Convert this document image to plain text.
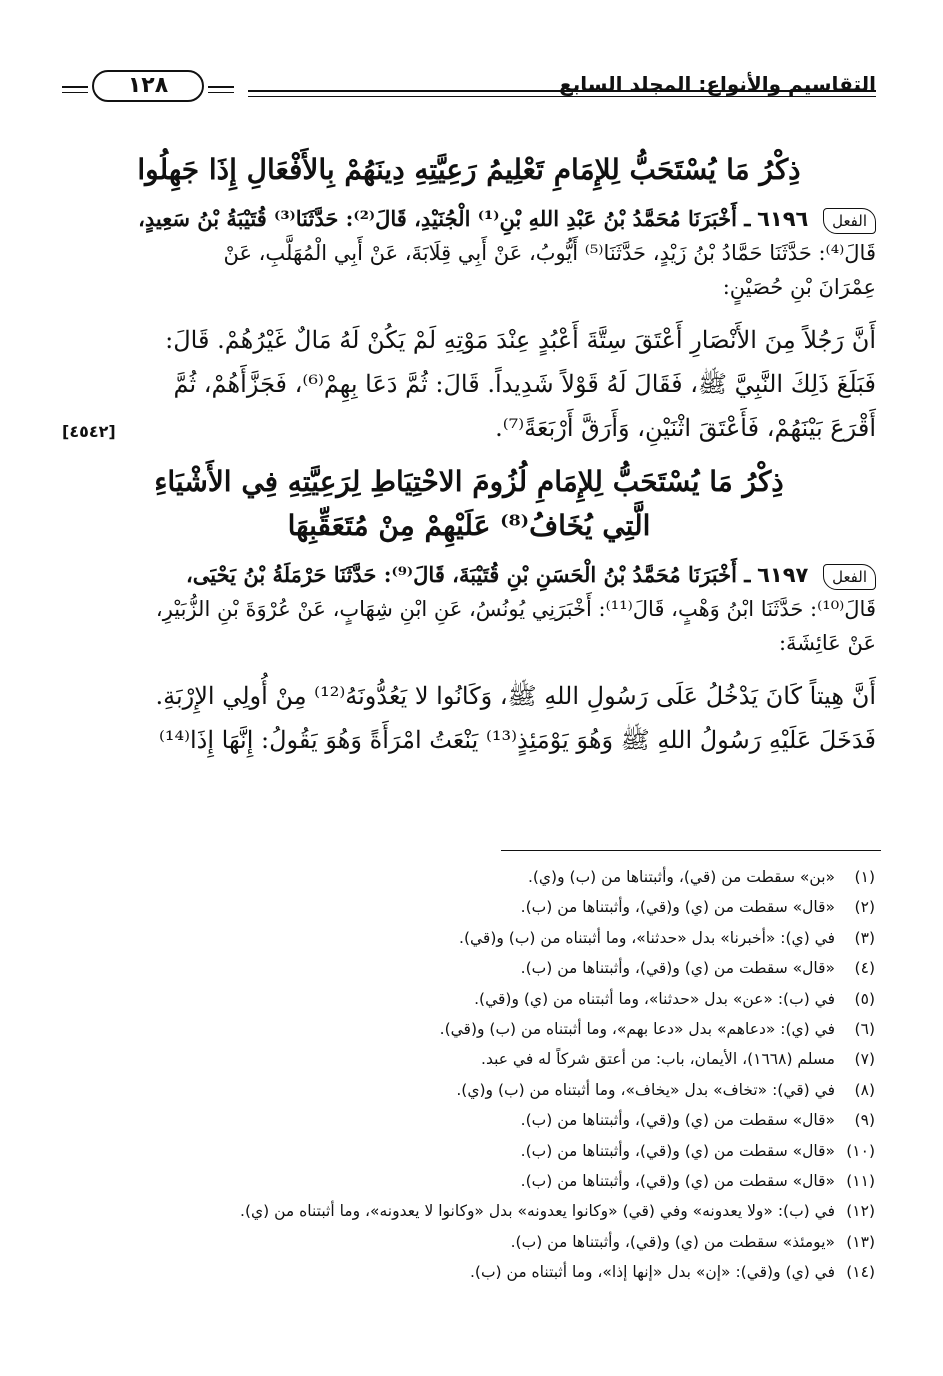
التقاسيم والأنواع: المجلد السابع
١٢٨
ذِكْرُ مَا يُسْتَحَبُّ لِلإِمَامِ تَعْلِيمُ رَعِيَّتِهِ دِينَهُمْ بِالأَفْعَالِ إِذَا جَهِلُوا
الفعل ٦١٩٦ ـ أَخْبَرَنَا مُحَمَّدُ بْنُ عَبْدِ اللهِ بْنِ⁽¹⁾ الْجُنَيْدِ، قَالَ⁽²⁾: حَدَّثَنَا⁽³⁾ قُتَيْبَةُ بْنُ سَعِيدٍ،
قَالَ⁽⁴⁾: حَدَّثَنَا حَمَّادُ بْنُ زَيْدٍ، حَدَّثَنَا⁽⁵⁾ أَيُّوبُ، عَنْ أَبِي قِلَابَةَ، عَنْ أَبِي الْمُهَلَّبِ، عَنْ
عِمْرَانَ بْنِ حُصَيْنٍ:
أَنَّ رَجُلاً مِنَ الأَنْصَارِ أَعْتَقَ سِتَّةَ أَعْبُدٍ عِنْدَ مَوْتِهِ لَمْ يَكُنْ لَهُ مَالٌ غَيْرُهُمْ. قَالَ:
فَبَلَغَ ذَلِكَ النَّبِيَّ ﷺ، فَقَالَ لَهُ قَوْلاً شَدِيداً. قَالَ: ثُمَّ دَعَا بِهِمْ⁽⁶⁾، فَجَزَّأَهُمْ، ثُمَّ
أَقْرَعَ بَيْنَهُمْ، فَأَعْتَقَ اثْنَيْنِ، وَأَرَقَّ أَرْبَعَةً⁽⁷⁾.
[٤٥٤٢]
ذِكْرُ مَا يُسْتَحَبُّ لِلإِمَامِ لُزُومَ الاحْتِيَاطِ لِرَعِيَّتِهِ فِي الأَشْيَاءِ
الَّتِي يُخَافُ⁽⁸⁾ عَلَيْهِمْ مِنْ مُتَعَقِّبِهَا
الفعل ٦١٩٧ ـ أَخْبَرَنَا مُحَمَّدُ بْنُ الْحَسَنِ بْنِ قُتَيْبَةَ، قَالَ⁽⁹⁾: حَدَّثَنَا حَرْمَلَةُ بْنُ يَحْيَى،
قَالَ⁽¹⁰⁾: حَدَّثَنَا ابْنُ وَهْبٍ، قَالَ⁽¹¹⁾: أَخْبَرَنِي يُونُسُ، عَنِ ابْنِ شِهَابٍ، عَنْ عُرْوَةَ بْنِ الزُّبَيْرِ،
عَنْ عَائِشَةَ:
أَنَّ هِيتاً كَانَ يَدْخُلُ عَلَى رَسُولِ اللهِ ﷺ، وَكَانُوا لا يَعُدُّونَهُ⁽¹²⁾ مِنْ أُولِي الإِرْبَةِ.
فَدَخَلَ عَلَيْهِ رَسُولُ اللهِ ﷺ وَهُوَ يَوْمَئِذٍ⁽¹³⁾ يَنْعَتُ امْرَأَةً وَهُوَ يَقُولُ: إِنَّهَا إِذَا⁽¹⁴⁾
(١)«بن» سقطت من (قي)، وأثبتناها من (ب) و(ي).
(٢)«قال» سقطت من (ي) و(قي)، وأثبتناها من (ب).
(٣)في (ي): «أخبرنا» بدل «حدثنا»، وما أثبتناه من (ب) و(قي).
(٤)«قال» سقطت من (ي) و(قي)، وأثبتناها من (ب).
(٥)في (ب): «عن» بدل «حدثنا»، وما أثبتناه من (ي) و(قي).
(٦)في (ي): «دعاهم» بدل «دعا بهم»، وما أثبتناه من (ب) و(قي).
(٧)مسلم (١٦٦٨)، الأيمان، باب: من أعتق شركاً له في عبد.
(٨)في (قي): «تخاف» بدل «يخاف»، وما أثبتناه من (ب) و(ي).
(٩)«قال» سقطت من (ي) و(قي)، وأثبتناها من (ب).
(١٠)«قال» سقطت من (ي) و(قي)، وأثبتناها من (ب).
(١١)«قال» سقطت من (ي) و(قي)، وأثبتناها من (ب).
(١٢)في (ب): «ولا يعدونه» وفي (قي) «وكانوا يعدونه» بدل «وكانوا لا يعدونه»، وما أثبتناه من (ي).
(١٣)«يومئذ» سقطت من (ي) و(قي)، وأثبتناها من (ب).
(١٤)في (ي) و(قي): «إن» بدل «إنها إذا»، وما أثبتناه من (ب).
